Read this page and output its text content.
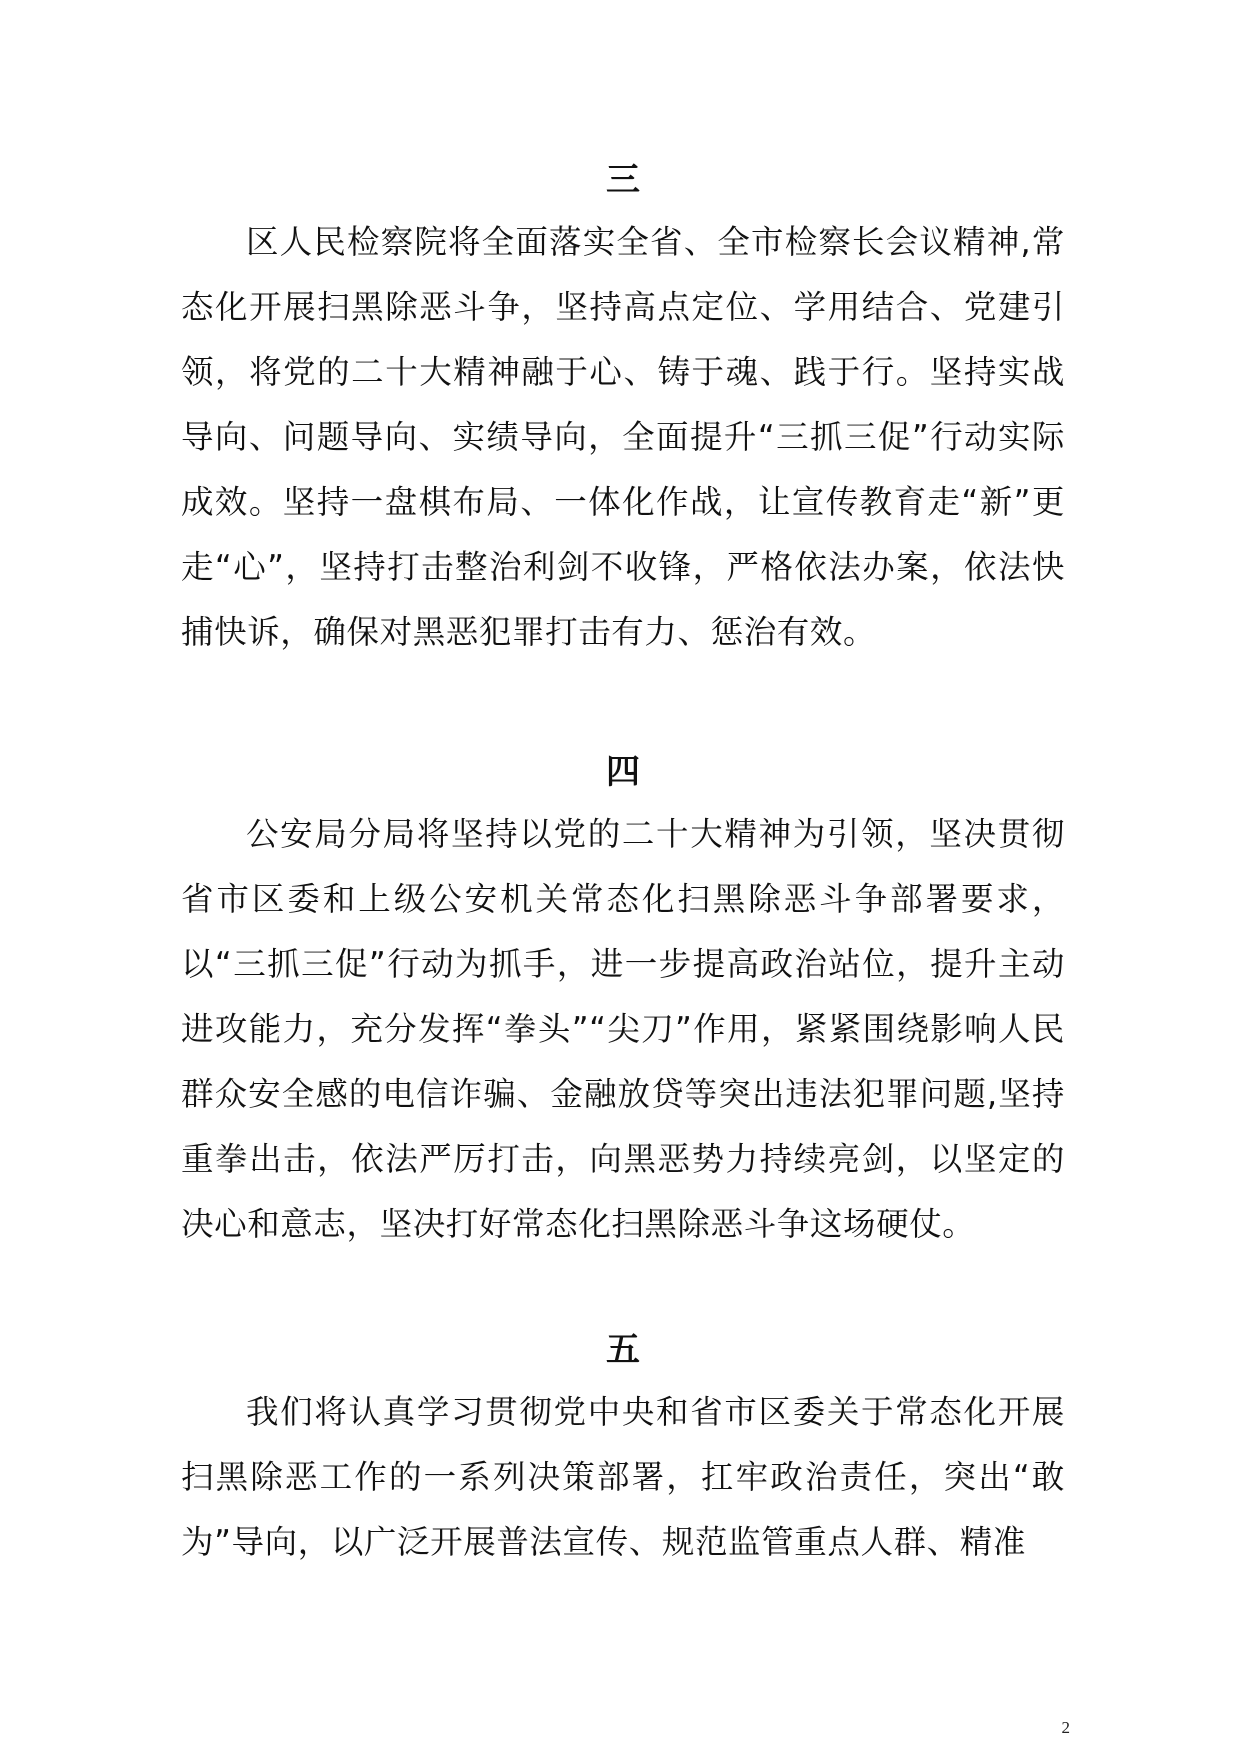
三

区人民检察院将全面落实全省、全市检察长会议精神,常态化开展扫黑除恶斗争，坚持高点定位、学用结合、党建引领，将党的二十大精神融于心、铸于魂、践于行。坚持实战导向、问题导向、实绩导向，全面提升“三抓三促”行动实际成效。坚持一盘棋布局、一体化作战，让宣传教育走“新”更走“心”，坚持打击整治利剑不收锋，严格依法办案，依法快捕快诉，确保对黑恶犯罪打击有力、惩治有效。

四

公安局分局将坚持以党的二十大精神为引领，坚决贯彻省市区委和上级公安机关常态化扫黑除恶斗争部署要求，以“三抓三促”行动为抓手，进一步提高政治站位，提升主动进攻能力，充分发挥“拳头”“尖刀”作用，紧紧围绕影响人民群众安全感的电信诈骗、金融放贷等突出违法犯罪问题,坚持重拳出击，依法严厉打击，向黑恶势力持续亮剑，以坚定的决心和意志，坚决打好常态化扫黑除恶斗争这场硬仗。

五

我们将认真学习贯彻党中央和省市区委关于常态化开展扫黑除恶工作的一系列决策部署，扛牢政治责任，突出“敢为”导向，以广泛开展普法宣传、规范监管重点人群、精准

2
